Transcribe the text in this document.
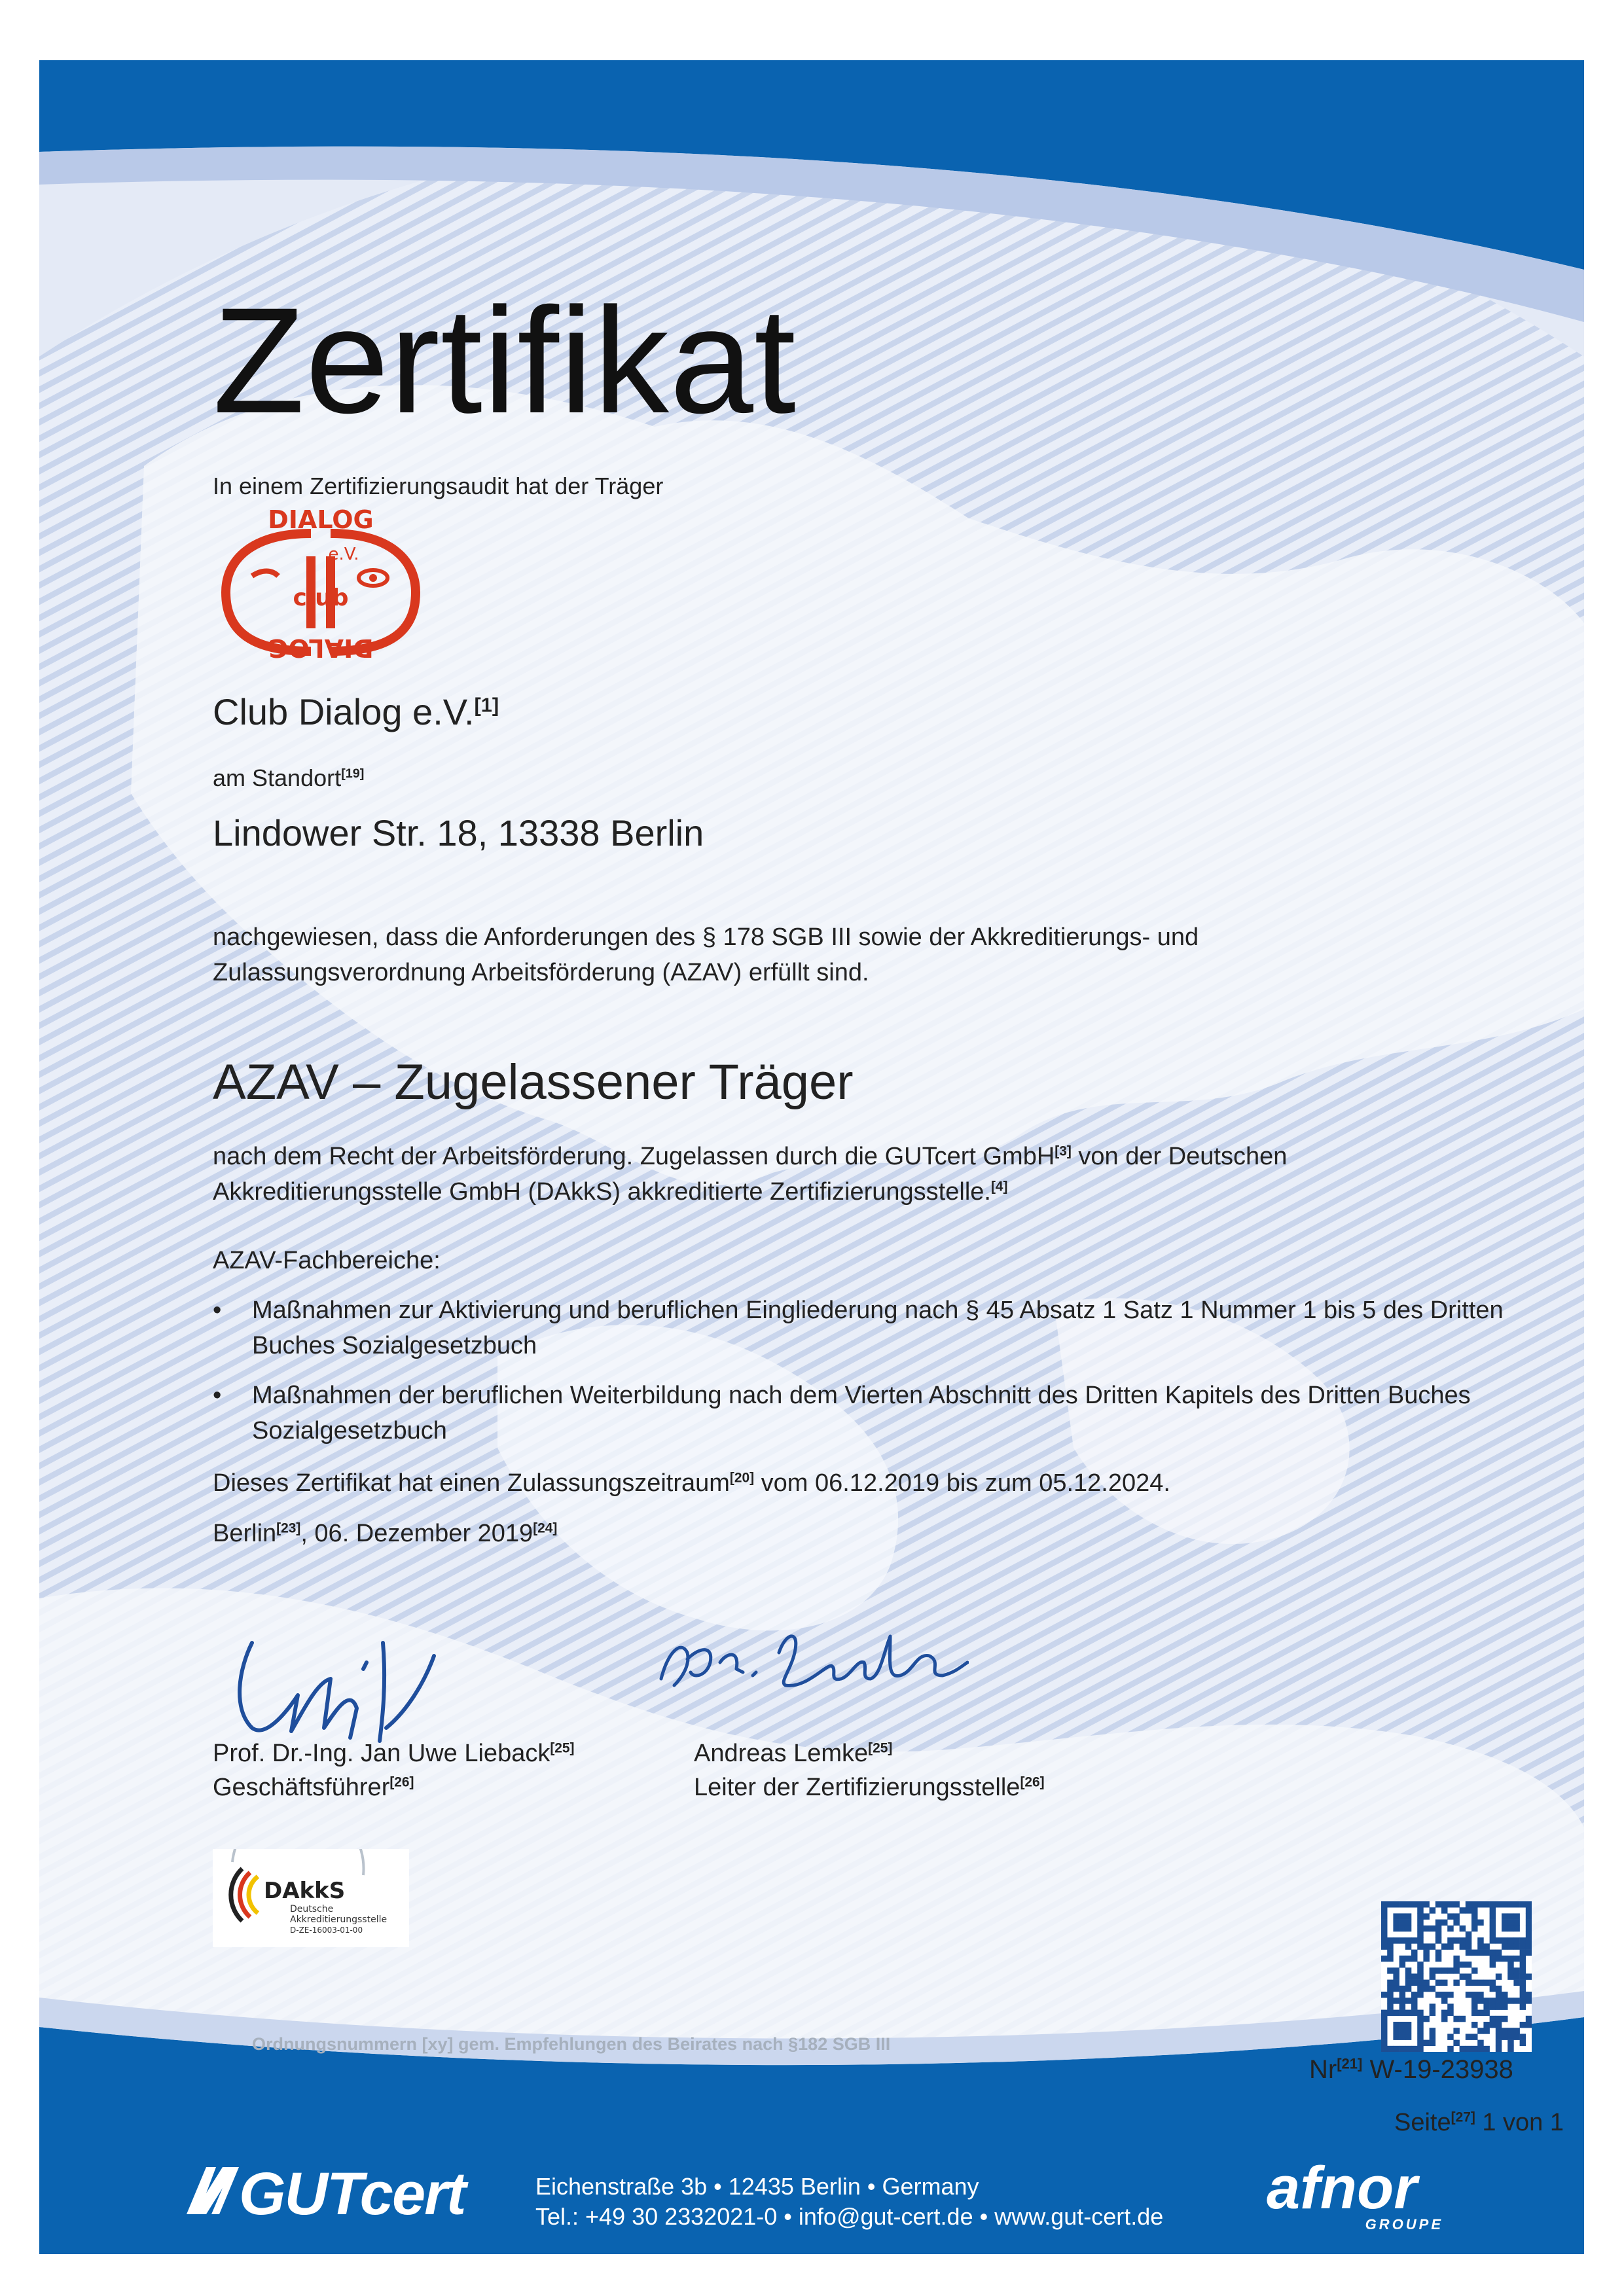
Zertifikat
In einem Zertifizierungsaudit hat der Träger
DIALOG
e.V.
club
DIALOG
Club Dialog e.V.[1]
am Standort[19]
Lindower Str. 18, 13338 Berlin
nachgewiesen, dass die Anforderungen des § 178 SGB III sowie der Akkreditierungs- und Zulassungsverordnung Arbeitsförderung (AZAV) erfüllt sind.
AZAV – Zugelassener Träger
nach dem Recht der Arbeitsförderung. Zugelassen durch die GUTcert GmbH[3] von der Deutschen Akkreditierungsstelle GmbH (DAkkS) akkreditierte Zertifizierungsstelle.[4]
AZAV-Fachbereiche:
• Maßnahmen zur Aktivierung und beruflichen Eingliederung nach § 45 Absatz 1 Satz 1 Nummer 1 bis 5 des Dritten Buches Sozialgesetzbuch
• Maßnahmen der beruflichen Weiterbildung nach dem Vierten Abschnitt des Dritten Kapitels des Dritten Buches Sozialgesetzbuch
Dieses Zertifikat hat einen Zulassungszeitraum[20] vom 06.12.2019 bis zum 05.12.2024.
Berlin[23], 06. Dezember 2019[24]
Prof. Dr.-Ing. Jan Uwe Lieback[25]
Geschäftsführer[26]
Andreas Lemke[25]
Leiter der Zertifizierungsstelle[26]
DAkkS
Deutsche
Akkreditierungsstelle
D-ZE-16003-01-00
Ordnungsnummern [xy] gem. Empfehlungen des Beirates nach §182 SGB III
Nr[21] W-19-23938
Seite[27] 1 von 1
GUTcert	Eichenstraße 3b • 12435 Berlin • Germany
Tel.: +49 30 2332021-0 • info@gut-cert.de • www.gut-cert.de afnor
GROUPE
